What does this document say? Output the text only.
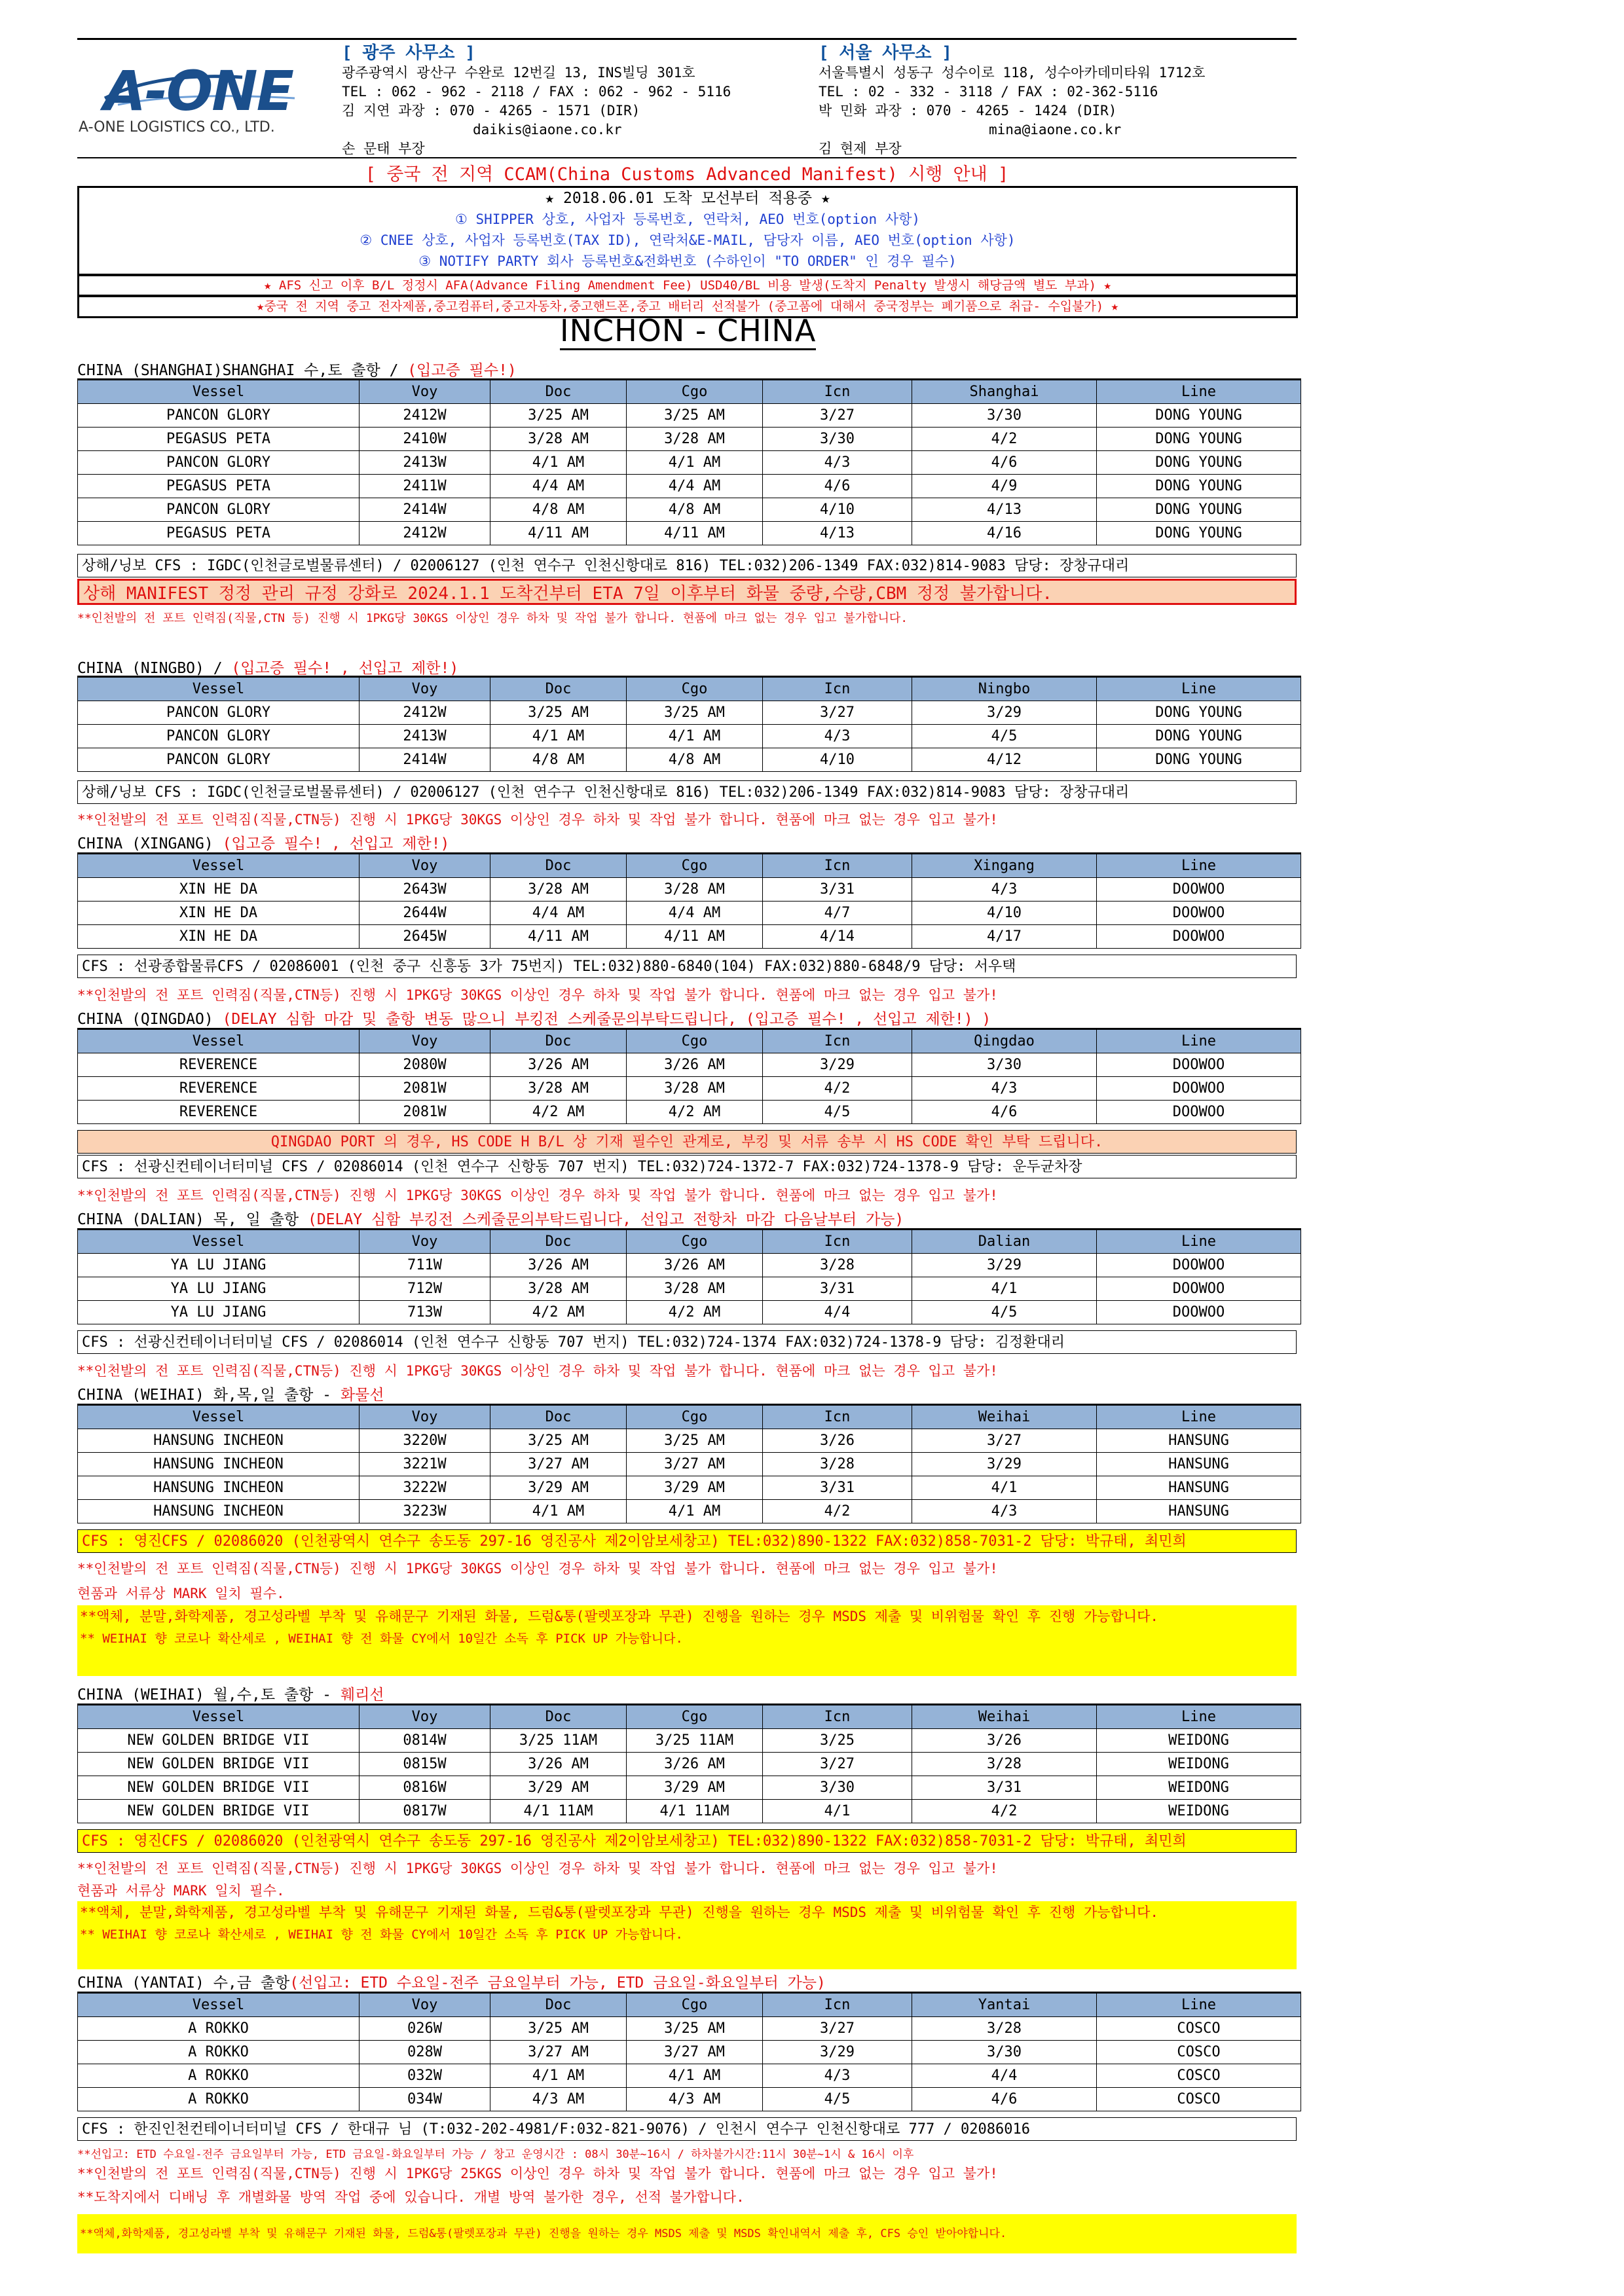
A-ONE
A-ONE LOGISTICS CO., LTD.
[ 광주 사무소 ]
광주광역시 광산구 수완로 12번길 13, INS빌딩 301호
TEL : 062 - 962 - 2118 / FAX : 062 - 962 - 5116
김 지연 과장 : 070 - 4265 - 1571 (DIR)
daikis@iaone.co.kr
손 문태 부장
[ 서울 사무소 ]
서울특별시 성동구 성수이로 118, 성수아카데미타워 1712호
TEL : 02 - 332 - 3118 / FAX : 02-362-5116
박 민화 과장 : 070 - 4265 - 1424 (DIR)
mina@iaone.co.kr
김 현제 부장
[ 중국 전 지역 CCAM(China Customs Advanced Manifest) 시행 안내 ]
★ 2018.06.01 도착 모선부터 적용중 ★
① SHIPPER 상호, 사업자 등록번호, 연락처, AEO 번호(option 사항)
② CNEE 상호, 사업자 등록번호(TAX ID), 연락처&E-MAIL, 담당자 이름, AEO 번호(option 사항)
③ NOTIFY PARTY 회사 등록번호&전화번호 (수하인이 "TO ORDER" 인 경우 필수)
★ AFS 신고 이후 B/L 정정시 AFA(Advance Filing Amendment Fee) USD40/BL 비용 발생(도착지 Penalty 발생시 해당금액 별도 부과) ★
★중국 전 지역 중고 전자제품,중고컴퓨터,중고자동차,중고핸드폰,중고 배터리 선적불가 (중고품에 대해서 중국정부는 폐기품으로 취급- 수입불가) ★
INCHON - CHINA
CHINA (SHANGHAI)SHANGHAI 수,토 출항 / (입고증 필수!)
Vessel	Voy	Doc	Cgo	Icn	Shanghai	Line
PANCON GLORY	2412W	3/25 AM	3/25 AM	3/27	3/30	DONG YOUNG
PEGASUS PETA	2410W	3/28 AM	3/28 AM	3/30	4/2	DONG YOUNG
PANCON GLORY	2413W	4/1 AM	4/1 AM	4/3	4/6	DONG YOUNG
PEGASUS PETA	2411W	4/4 AM	4/4 AM	4/6	4/9	DONG YOUNG
PANCON GLORY	2414W	4/8 AM	4/8 AM	4/10	4/13	DONG YOUNG
PEGASUS PETA	2412W	4/11 AM	4/11 AM	4/13	4/16	DONG YOUNG
상해/닝보 CFS : IGDC(인천글로벌물류센터) / 02006127 (인천 연수구 인천신항대로 816) TEL:032)206-1349 FAX:032)814-9083 담당: 장창규대리
상해 MANIFEST 정정 관리 규정 강화로 2024.1.1 도착건부터 ETA 7일 이후부터 화물 중량,수량,CBM 정정 불가합니다.
**인천발의 전 포트 인력짐(직물,CTN 등) 진행 시 1PKG당 30KGS 이상인 경우 하차 및 작업 불가 합니다. 현품에 마크 없는 경우 입고 불가합니다.
CHINA (NINGBO) / (입고증 필수! , 선입고 제한!)
Vessel	Voy	Doc	Cgo	Icn	Ningbo	Line
PANCON GLORY	2412W	3/25 AM	3/25 AM	3/27	3/29	DONG YOUNG
PANCON GLORY	2413W	4/1 AM	4/1 AM	4/3	4/5	DONG YOUNG
PANCON GLORY	2414W	4/8 AM	4/8 AM	4/10	4/12	DONG YOUNG
상해/닝보 CFS : IGDC(인천글로벌물류센터) / 02006127 (인천 연수구 인천신항대로 816) TEL:032)206-1349 FAX:032)814-9083 담당: 장창규대리
**인천발의 전 포트 인력짐(직물,CTN등) 진행 시 1PKG당 30KGS 이상인 경우 하차 및 작업 불가 합니다. 현품에 마크 없는 경우 입고 불가!
CHINA (XINGANG) (입고증 필수! , 선입고 제한!)
Vessel	Voy	Doc	Cgo	Icn	Xingang	Line
XIN HE DA	2643W	3/28 AM	3/28 AM	3/31	4/3	DOOWOO
XIN HE DA	2644W	4/4 AM	4/4 AM	4/7	4/10	DOOWOO
XIN HE DA	2645W	4/11 AM	4/11 AM	4/14	4/17	DOOWOO
CFS : 선광종합물류CFS / 02086001 (인천 중구 신흥동 3가 75번지) TEL:032)880-6840(104) FAX:032)880-6848/9 담당: 서우택
**인천발의 전 포트 인력짐(직물,CTN등) 진행 시 1PKG당 30KGS 이상인 경우 하차 및 작업 불가 합니다. 현품에 마크 없는 경우 입고 불가!
CHINA (QINGDAO) (DELAY 심함 마감 및 출항 변동 많으니 부킹전 스케줄문의부탁드립니다, (입고증 필수! , 선입고 제한!) )
Vessel	Voy	Doc	Cgo	Icn	Qingdao	Line
REVERENCE	2080W	3/26 AM	3/26 AM	3/29	3/30	DOOWOO
REVERENCE	2081W	3/28 AM	3/28 AM	4/2	4/3	DOOWOO
REVERENCE	2081W	4/2 AM	4/2 AM	4/5	4/6	DOOWOO
QINGDAO PORT 의 경우, HS CODE H B/L 상 기재 필수인 관계로, 부킹 및 서류 송부 시 HS CODE 확인 부탁 드립니다.
CFS : 선광신컨테이너터미널 CFS / 02086014 (인천 연수구 신항동 707 번지) TEL:032)724-1372-7 FAX:032)724-1378-9 담당: 운두균차장
**인천발의 전 포트 인력짐(직물,CTN등) 진행 시 1PKG당 30KGS 이상인 경우 하차 및 작업 불가 합니다. 현품에 마크 없는 경우 입고 불가!
CHINA (DALIAN) 목, 일 출항 (DELAY 심함 부킹전 스케줄문의부탁드립니다, 선입고 전항차 마감 다음날부터 가능)
Vessel	Voy	Doc	Cgo	Icn	Dalian	Line
YA LU JIANG	711W	3/26 AM	3/26 AM	3/28	3/29	DOOWOO
YA LU JIANG	712W	3/28 AM	3/28 AM	3/31	4/1	DOOWOO
YA LU JIANG	713W	4/2 AM	4/2 AM	4/4	4/5	DOOWOO
CFS : 선광신컨테이너터미널 CFS / 02086014 (인천 연수구 신항동 707 번지) TEL:032)724-1374 FAX:032)724-1378-9 담당: 김정환대리
**인천발의 전 포트 인력짐(직물,CTN등) 진행 시 1PKG당 30KGS 이상인 경우 하차 및 작업 불가 합니다. 현품에 마크 없는 경우 입고 불가!
CHINA (WEIHAI) 화,목,일 출항 - 화물선
Vessel	Voy	Doc	Cgo	Icn	Weihai	Line
HANSUNG INCHEON	3220W	3/25 AM	3/25 AM	3/26	3/27	HANSUNG
HANSUNG INCHEON	3221W	3/27 AM	3/27 AM	3/28	3/29	HANSUNG
HANSUNG INCHEON	3222W	3/29 AM	3/29 AM	3/31	4/1	HANSUNG
HANSUNG INCHEON	3223W	4/1 AM	4/1 AM	4/2	4/3	HANSUNG
CFS : 영진CFS / 02086020 (인천광역시 연수구 송도동 297-16 영진공사 제2이암보세창고) TEL:032)890-1322 FAX:032)858-7031-2 담당: 박규태, 최민희
**인천발의 전 포트 인력짐(직물,CTN등) 진행 시 1PKG당 30KGS 이상인 경우 하차 및 작업 불가 합니다. 현품에 마크 없는 경우 입고 불가!
현품과 서류상 MARK 일치 필수.
**액체, 분말,화학제품, 경고성라벨 부착 및 유해문구 기재된 화물, 드럼&통(팔렛포장과 무관) 진행을 원하는 경우 MSDS 제출 및 비위험물 확인 후 진행 가능합니다.
** WEIHAI 향 코로나 확산세로 , WEIHAI 향 전 화물 CY에서 10일간 소독 후 PICK UP 가능합니다.
CHINA (WEIHAI) 월,수,토 출항 - 훼리선
Vessel	Voy	Doc	Cgo	Icn	Weihai	Line
NEW GOLDEN BRIDGE VII	0814W	3/25 11AM	3/25 11AM	3/25	3/26	WEIDONG
NEW GOLDEN BRIDGE VII	0815W	3/26 AM	3/26 AM	3/27	3/28	WEIDONG
NEW GOLDEN BRIDGE VII	0816W	3/29 AM	3/29 AM	3/30	3/31	WEIDONG
NEW GOLDEN BRIDGE VII	0817W	4/1 11AM	4/1 11AM	4/1	4/2	WEIDONG
CFS : 영진CFS / 02086020 (인천광역시 연수구 송도동 297-16 영진공사 제2이암보세창고) TEL:032)890-1322 FAX:032)858-7031-2 담당: 박규태, 최민희
**인천발의 전 포트 인력짐(직물,CTN등) 진행 시 1PKG당 30KGS 이상인 경우 하차 및 작업 불가 합니다. 현품에 마크 없는 경우 입고 불가!
현품과 서류상 MARK 일치 필수.
**액체, 분말,화학제품, 경고성라벨 부착 및 유해문구 기재된 화물, 드럼&통(팔렛포장과 무관) 진행을 원하는 경우 MSDS 제출 및 비위험물 확인 후 진행 가능합니다.
** WEIHAI 향 코로나 확산세로 , WEIHAI 향 전 화물 CY에서 10일간 소독 후 PICK UP 가능합니다.
CHINA (YANTAI) 수,금 출항(선입고: ETD 수요일-전주 금요일부터 가능, ETD 금요일-화요일부터 가능)
Vessel	Voy	Doc	Cgo	Icn	Yantai	Line
A ROKKO	026W	3/25 AM	3/25 AM	3/27	3/28	COSCO
A ROKKO	028W	3/27 AM	3/27 AM	3/29	3/30	COSCO
A ROKKO	032W	4/1 AM	4/1 AM	4/3	4/4	COSCO
A ROKKO	034W	4/3 AM	4/3 AM	4/5	4/6	COSCO
CFS : 한진인천컨테이너터미널 CFS / 한대규 님 (T:032-202-4981/F:032-821-9076) / 인천시 연수구 인천신항대로 777 / 02086016
**선입고: ETD 수요일-전주 금요일부터 가능, ETD 금요일-화요일부터 가능 / 창고 운영시간 : 08시 30분~16시 / 하차불가시간:11시 30분~1시 & 16시 이후
**인천발의 전 포트 인력짐(직물,CTN등) 진행 시 1PKG당 25KGS 이상인 경우 하차 및 작업 불가 합니다. 현품에 마크 없는 경우 입고 불가!
**도착지에서 디배닝 후 개별화물 방역 작업 중에 있습니다. 개별 방역 불가한 경우, 선적 불가합니다.
**액체,화학제품, 경고성라벨 부착 및 유해문구 기재된 화물, 드럼&통(팔렛포장과 무관) 진행을 원하는 경우 MSDS 제출 및 MSDS 확인내역서 제출 후, CFS 승인 받아야합니다.
